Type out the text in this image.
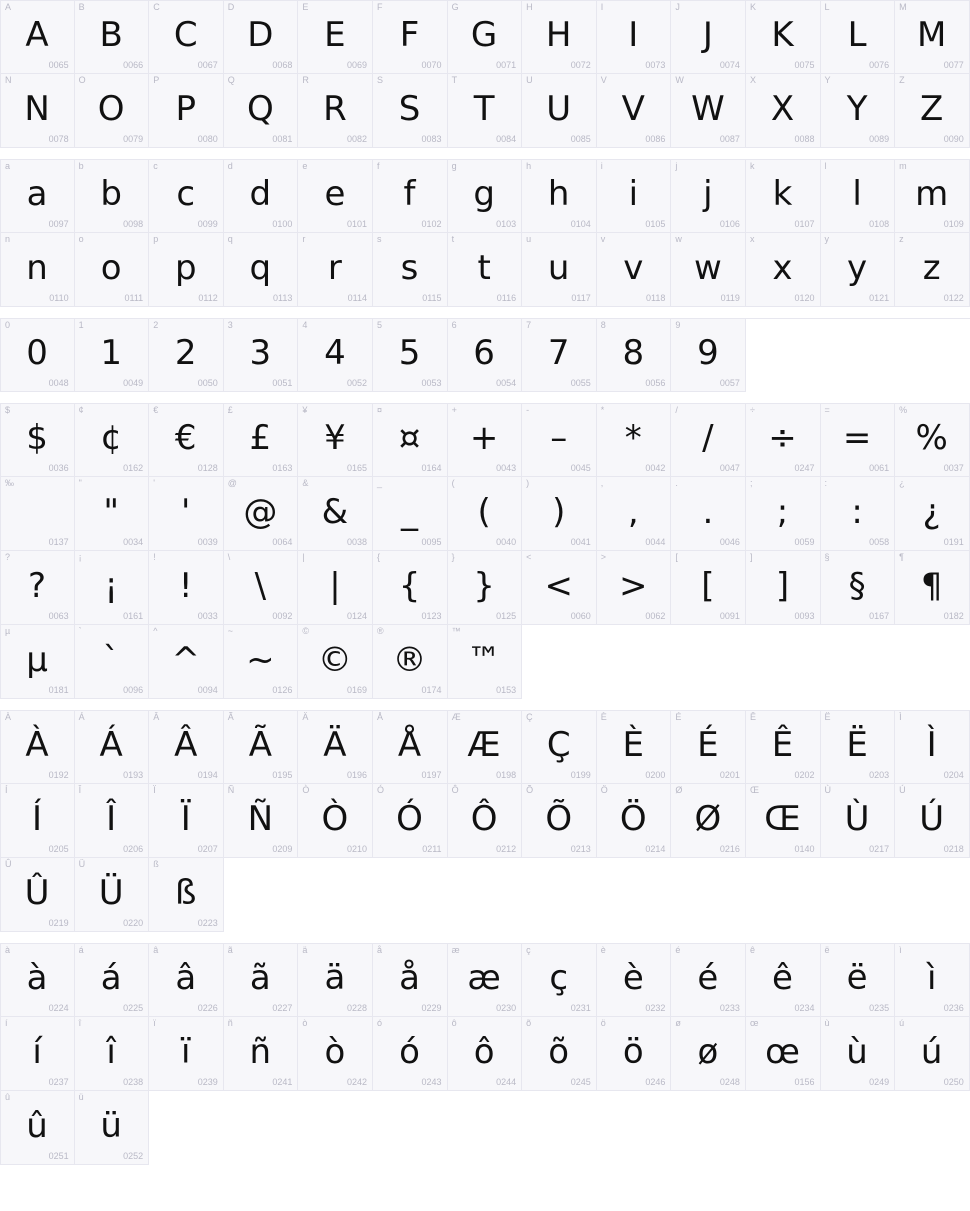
A
A
0065
B
B
0066
C
C
0067
D
D
0068
E
E
0069
F
F
0070
G
G
0071
H
H
0072
I
I
0073
J
J
0074
K
K
0075
L
L
0076
M
M
0077
N
N
0078
O
O
0079
P
P
0080
Q
Q
0081
R
R
0082
S
S
0083
T
T
0084
U
U
0085
V
V
0086
W
W
0087
X
X
0088
Y
Y
0089
Z
Z
0090
a
a
0097
b
b
0098
c
c
0099
d
d
0100
e
e
0101
f
f
0102
g
g
0103
h
h
0104
i
i
0105
j
j
0106
k
k
0107
l
l
0108
m
m
0109
n
n
0110
o
o
0111
p
p
0112
q
q
0113
r
r
0114
s
s
0115
t
t
0116
u
u
0117
v
v
0118
w
w
0119
x
x
0120
y
y
0121
z
z
0122
0
0
0048
1
1
0049
2
2
0050
3
3
0051
4
4
0052
5
5
0053
6
6
0054
7
7
0055
8
8
0056
9
9
0057
$
$
0036
¢
¢
0162
€
€
0128
£
£
0163
¥
¥
0165
¤
¤
0164
+
+
0043
-
–
0045
*
*
0042
/
/
0047
÷
÷
0247
=
=
0061
%
%
0037
‰
0137
"
"
0034
'
'
0039
@
@
0064
&
&
0038
_
_
0095
(
(
0040
)
)
0041
,
,
0044
.
.
0046
;
;
0059
:
:
0058
¿
¿
0191
?
?
0063
¡
¡
0161
!
!
0033
\
\
0092
|
|
0124
{
{
0123
}
}
0125
<
<
0060
>
>
0062
[
[
0091
]
]
0093
§
§
0167
¶
¶
0182
µ
µ
0181
`
`
0096
^
^
0094
~
~
0126
©
©
0169
®
®
0174
™
™
0153
À
À
0192
Á
Á
0193
Â
Â
0194
Ã
Ã
0195
Ä
Ä
0196
Å
Å
0197
Æ
Æ
0198
Ç
Ç
0199
È
È
0200
É
É
0201
Ê
Ê
0202
Ë
Ë
0203
Ì
Ì
0204
Í
Í
0205
Î
Î
0206
Ï
Ï
0207
Ñ
Ñ
0209
Ò
Ò
0210
Ó
Ó
0211
Ô
Ô
0212
Õ
Õ
0213
Ö
Ö
0214
Ø
Ø
0216
Œ
Œ
0140
Ù
Ù
0217
Ú
Ú
0218
Û
Û
0219
Ü
Ü
0220
ß
ß
0223
à
à
0224
á
á
0225
â
â
0226
ã
ã
0227
ä
ä
0228
å
å
0229
æ
æ
0230
ç
ç
0231
è
è
0232
é
é
0233
ê
ê
0234
ë
ë
0235
ì
ì
0236
í
í
0237
î
î
0238
ï
ï
0239
ñ
ñ
0241
ò
ò
0242
ó
ó
0243
ô
ô
0244
õ
õ
0245
ö
ö
0246
ø
ø
0248
œ
œ
0156
ù
ù
0249
ú
ú
0250
û
û
0251
ü
ü
0252
